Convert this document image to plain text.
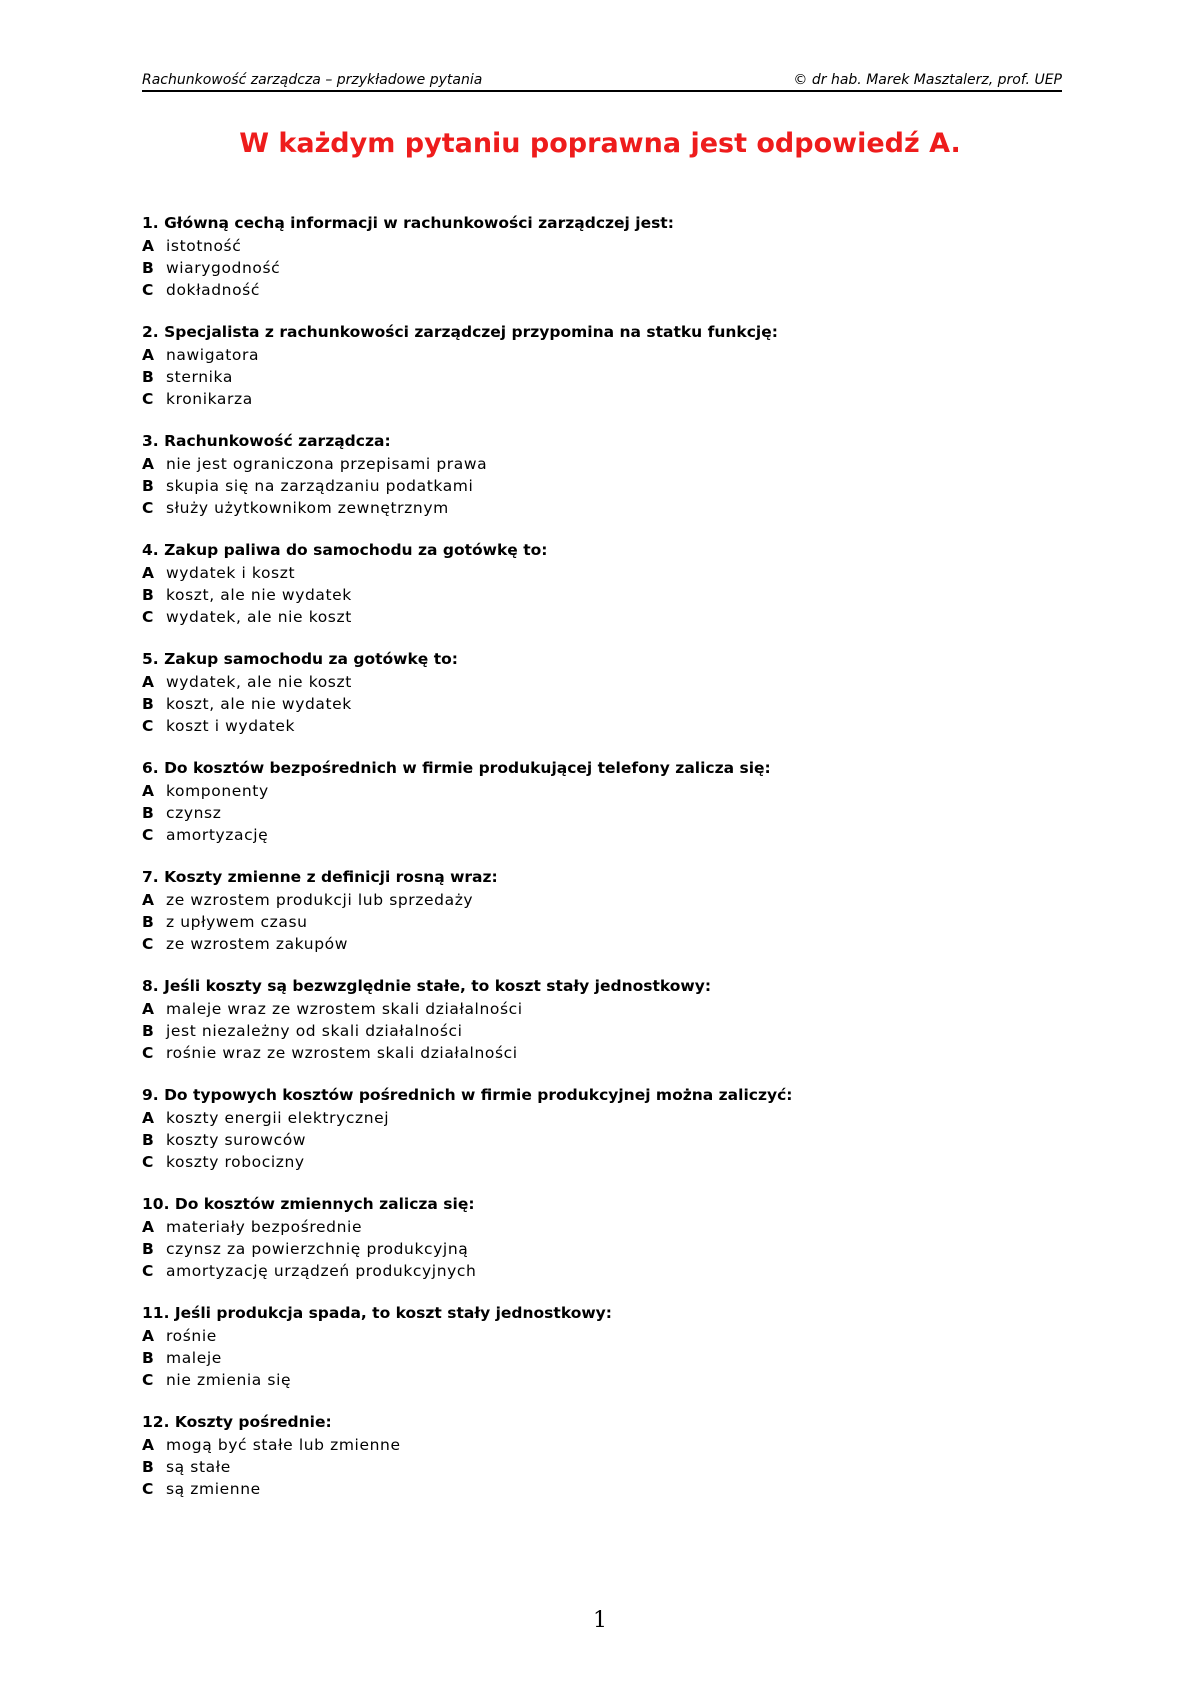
Rachunkowość zarządcza – przykładowe pytania	© dr hab. Marek Masztalerz, prof. UEP
W każdym pytaniu poprawna jest odpowiedź A.
1. Główną cechą informacji w rachunkowości zarządczej jest:
A istotność
B wiarygodność
C dokładność
2. Specjalista z rachunkowości zarządczej przypomina na statku funkcję:
A nawigatora
B sternika
C kronikarza
3. Rachunkowość zarządcza:
A nie jest ograniczona przepisami prawa
B skupia się na zarządzaniu podatkami
C służy użytkownikom zewnętrznym
4. Zakup paliwa do samochodu za gotówkę to:
A wydatek i koszt
B koszt, ale nie wydatek
C wydatek, ale nie koszt
5. Zakup samochodu za gotówkę to:
A wydatek, ale nie koszt
B koszt, ale nie wydatek
C koszt i wydatek
6. Do kosztów bezpośrednich w firmie produkującej telefony zalicza się:
A komponenty
B czynsz
C amortyzację
7. Koszty zmienne z definicji rosną wraz:
A ze wzrostem produkcji lub sprzedaży
B z upływem czasu
C ze wzrostem zakupów
8. Jeśli koszty są bezwzględnie stałe, to koszt stały jednostkowy:
A maleje wraz ze wzrostem skali działalności
B jest niezależny od skali działalności
C rośnie wraz ze wzrostem skali działalności
9. Do typowych kosztów pośrednich w firmie produkcyjnej można zaliczyć:
A koszty energii elektrycznej
B koszty surowców
C koszty robocizny
10. Do kosztów zmiennych zalicza się:
A materiały bezpośrednie
B czynsz za powierzchnię produkcyjną
C amortyzację urządzeń produkcyjnych
11. Jeśli produkcja spada, to koszt stały jednostkowy:
A rośnie
B maleje
C nie zmienia się
12. Koszty pośrednie:
A mogą być stałe lub zmienne
B są stałe
C są zmienne
1
